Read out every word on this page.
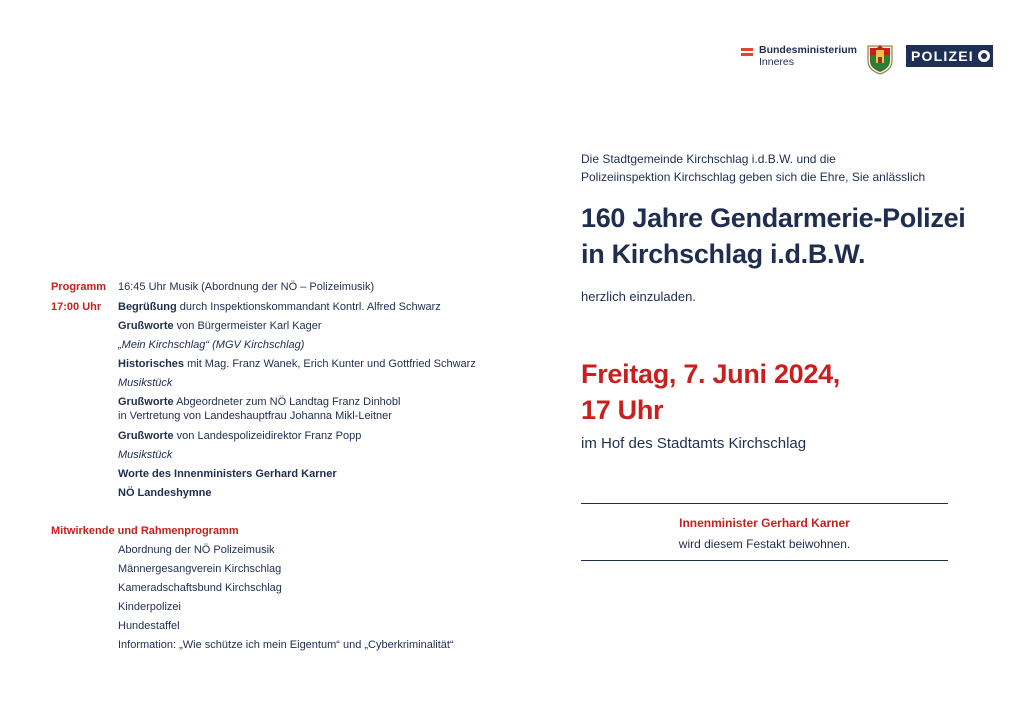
Bundesministerium
Inneres	POLIZEI
Programm
17:00 Uhr
16:45 Uhr Musik (Abordnung der NÖ – Polizeimusik)
Begrüßung durch Inspektionskommandant Kontrl. Alfred Schwarz
Grußworte von Bürgermeister Karl Kager
„Mein Kirchschlag“ (MGV Kirchschlag)
Historisches mit Mag. Franz Wanek, Erich Kunter und Gottfried Schwarz
Musikstück
Grußworte Abgeordneter zum NÖ Landtag Franz Dinhobl
in Vertretung von Landeshauptfrau Johanna Mikl-Leitner
Grußworte von Landespolizeidirektor Franz Popp
Musikstück
Worte des Innenministers Gerhard Karner
NÖ Landeshymne
Mitwirkende und Rahmenprogramm
Abordnung der NÖ Polizeimusik
Männergesangverein Kirchschlag
Kameradschaftsbund Kirchschlag
Kinderpolizei
Hundestaffel
Information: „Wie schütze ich mein Eigentum“ und „Cyberkriminalität“
Die Stadtgemeinde Kirchschlag i.d.B.W. und die
Polizeiinspektion Kirchschlag geben sich die Ehre, Sie anlässlich
160 Jahre Gendarmerie-Polizei
in Kirchschlag i.d.B.W.
herzlich einzuladen.
Freitag, 7. Juni 2024,
17 Uhr
im Hof des Stadtamts Kirchschlag
Innenminister Gerhard Karner
wird diesem Festakt beiwohnen.
